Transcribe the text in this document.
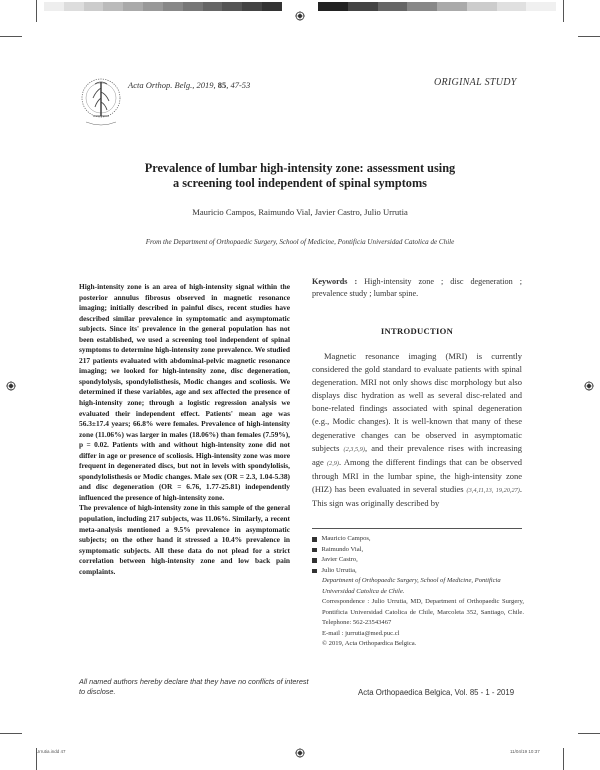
Acta Orthop. Belg., 2019, 85, 47-53	ORIGINAL STUDY
Prevalence of lumbar high-intensity zone: assessment using
a screening tool independent of spinal symptoms
Mauricio Campos, Raimundo Vial, Javier Castro, Julio Urrutia
From the Department of Orthopaedic Surgery, School of Medicine, Pontificia Universidad Catolica de Chile

High-intensity zone is an area of high-intensity signal within the posterior annulus fibrosus observed in magnetic resonance imaging; initially described in painful discs, recent studies have described similar prevalence in symptomatic and asymptomatic subjects. Since its' prevalence in the general population has not been established, we used a screening tool independent of spinal symptoms to determine high-intensity zone prevalence. We studied 217 patients evaluated with abdominal-pelvic magnetic resonance imaging; we looked for high-intensity zone, disc degeneration, spondylolysis, spondylolisthesis, Modic changes and scoliosis. We determined if these variables, age and sex affected the presence of high-intensity zone; through a logistic regression analysis we evaluated their independent effect. Patients' mean age was 56.3±17.4 years; 66.8% were females. Prevalence of high-intensity zone (11.06%) was larger in males (18.06%) than females (7.59%), p = 0.02. Patients with and without high-intensity zone did not differ in age or presence of scoliosis. High-intensity zone was more frequent in degenerated discs, but not in levels with spondylolisis, spondylolisthesis or Modic changes. Male sex (OR = 2.3, 1.04-5.38) and disc degeneration (OR = 6.76, 1.77-25.81) independently influenced the presence of high-intensity zone.

The prevalence of high-intensity zone in this sample of the general population, including 217 subjects, was 11.06%. Similarly, a recent meta-analysis mentioned a 9.5% prevalence in asymptomatic subjects; on the other hand it stressed a 10.4% prevalence in symptomatic subjects. All these data do not plead for a strict correlation between high-intensity zone and low back pain complaints.

Keywords : High-intensity zone ; disc degeneration ; prevalence study ; lumbar spine.
INTRODUCTION

Magnetic resonance imaging (MRI) is currently considered the gold standard to evaluate patients with spinal degeneration. MRI not only shows disc morphology but also displays disc hydration as well as several disc-related and bone-related findings associated with spinal degeneration (e.g., Modic changes). It is well-known that many of these degenerative changes can be observed in asymptomatic subjects (2,3,5,9), and their prevalence rises with increasing age (2,9). Among the different findings that can be observed through MRI in the lumbar spine, the high-intensity zone (HIZ) has been evaluated in several studies (3,4,11,13, 19,20,27). This sign was originally described by

Mauricio Campos,
Raimundo Vial,
Javier Castro,
Julio Urrutia,
Department of Orthopaedic Surgery, School of Medicine, Pontificia Universidad Catolica de Chile.
Correspondence : Julio Urrutia, MD, Department of Orthopaedic Surgery, Pontificia Universidad Catolica de Chile, Marcoleta 352, Santiago, Chile. Telephone: 562-23543467
E-mail : jurrutia@med.puc.cl
© 2019, Acta Orthopædica Belgica.
All named authors hereby declare that they have no conflicts of interest to disclose.	Acta Orthopaedica Belgica, Vol. 85 - 1 - 2019
Urrutia.indd 47	11/04/19 10:37
